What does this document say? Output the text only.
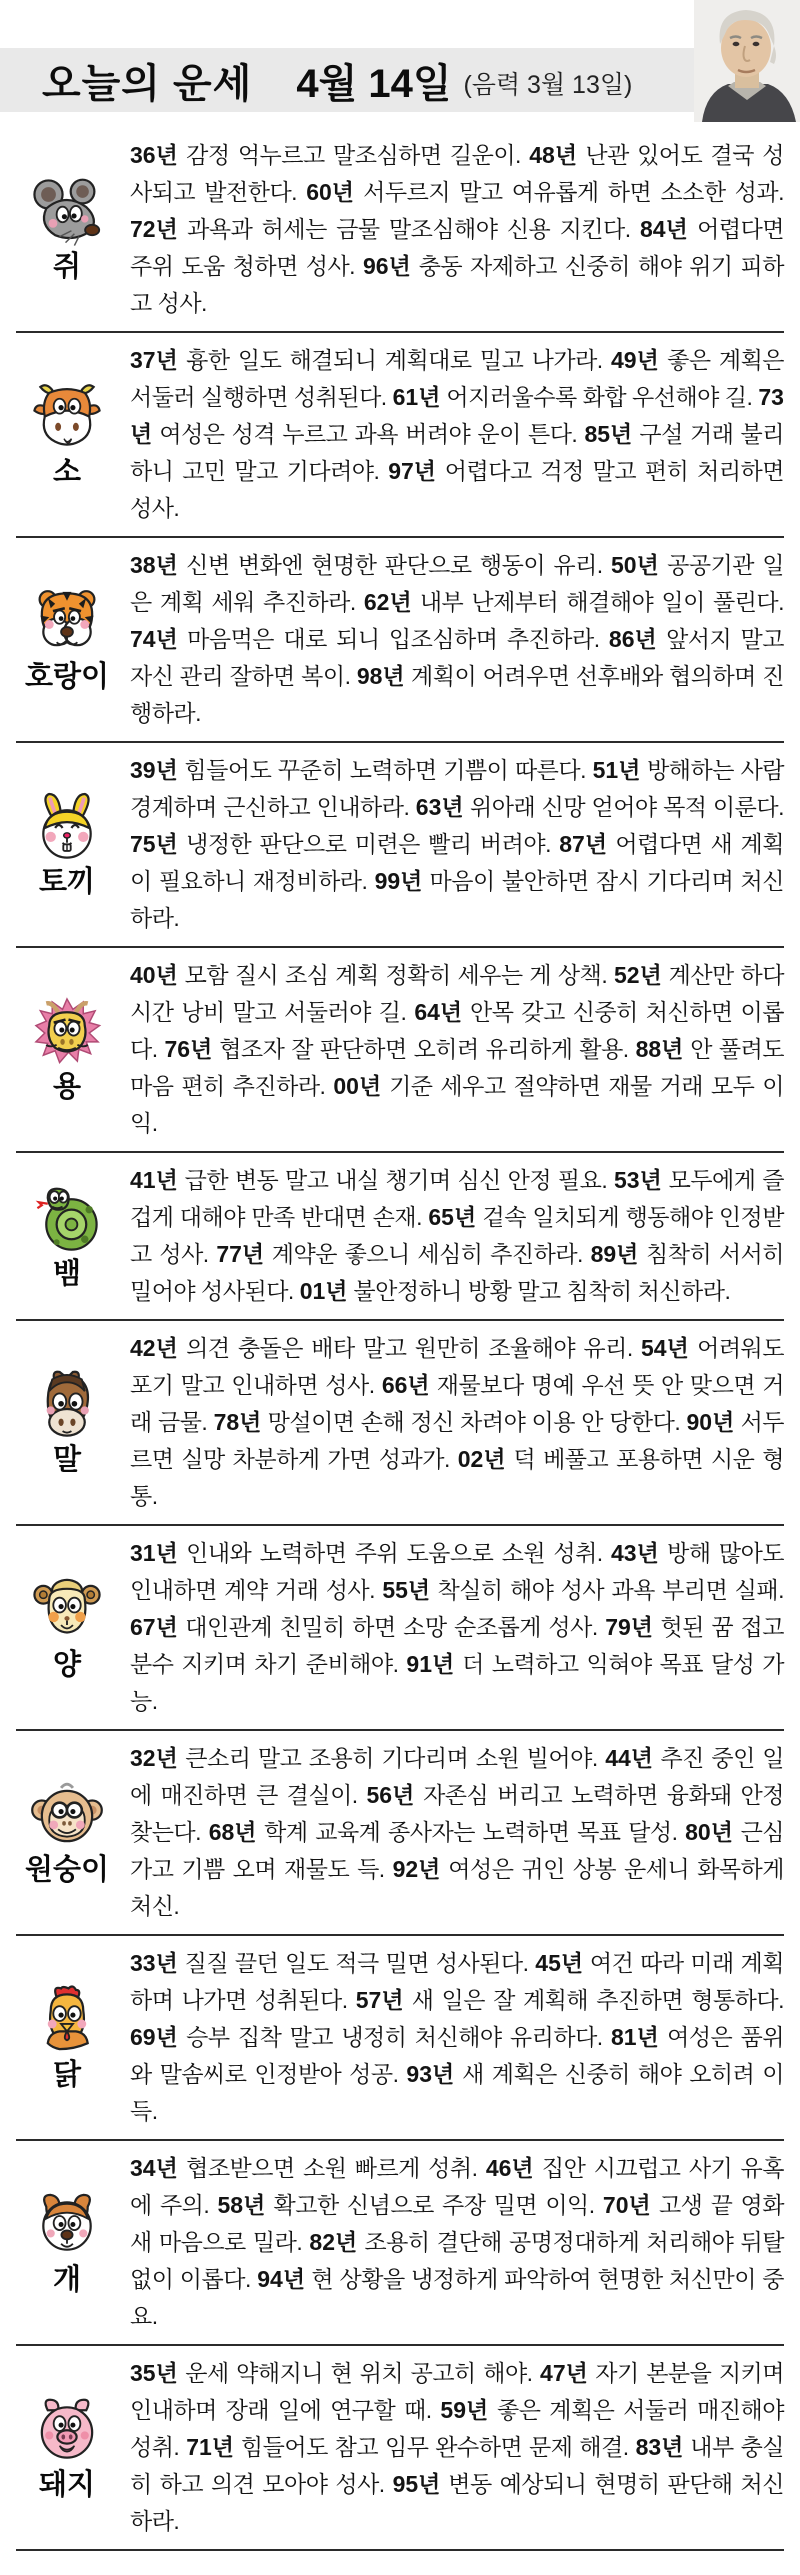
오늘의 운세 4월 14일 (음력 3월 13일)
쥐

36년 감정 억누르고 말조심하면 길운이. 48년 난관 있어도 결국 성사되고 발전한다. 60년 서두르지 말고 여유롭게 하면 소소한 성과. 72년 과욕과 허세는 금물 말조심해야 신용 지킨다. 84년 어렵다면 주위 도움 청하면 성사. 96년 충동 자제하고 신중히 해야 위기 피하고 성사.

소

37년 흉한 일도 해결되니 계획대로 밀고 나가라. 49년 좋은 계획은 서둘러 실행하면 성취된다. 61년 어지러울수록 화합 우선해야 길. 73년 여성은 성격 누르고 과욕 버려야 운이 튼다. 85년 구설 거래 불리하니 고민 말고 기다려야. 97년 어렵다고 걱정 말고 편히 처리하면 성사.

호랑이

38년 신변 변화엔 현명한 판단으로 행동이 유리. 50년 공공기관 일은 계획 세워 추진하라. 62년 내부 난제부터 해결해야 일이 풀린다. 74년 마음먹은 대로 되니 입조심하며 추진하라. 86년 앞서지 말고 자신 관리 잘하면 복이. 98년 계획이 어려우면 선후배와 협의하며 진행하라.

토끼

39년 힘들어도 꾸준히 노력하면 기쁨이 따른다. 51년 방해하는 사람 경계하며 근신하고 인내하라. 63년 위아래 신망 얻어야 목적 이룬다. 75년 냉정한 판단으로 미련은 빨리 버려야. 87년 어렵다면 새 계획이 필요하니 재정비하라. 99년 마음이 불안하면 잠시 기다리며 처신하라.

용

40년 모함 질시 조심 계획 정확히 세우는 게 상책. 52년 계산만 하다 시간 낭비 말고 서둘러야 길. 64년 안목 갖고 신중히 처신하면 이롭다. 76년 협조자 잘 판단하면 오히려 유리하게 활용. 88년 안 풀려도 마음 편히 추진하라. 00년 기준 세우고 절약하면 재물 거래 모두 이익.

뱀

41년 급한 변동 말고 내실 챙기며 심신 안정 필요. 53년 모두에게 즐겁게 대해야 만족 반대면 손재. 65년 겉속 일치되게 행동해야 인정받고 성사. 77년 계약운 좋으니 세심히 추진하라. 89년 침착히 서서히 밀어야 성사된다. 01년 불안정하니 방황 말고 침착히 처신하라.

말

42년 의견 충돌은 배타 말고 원만히 조율해야 유리. 54년 어려워도 포기 말고 인내하면 성사. 66년 재물보다 명예 우선 뜻 안 맞으면 거래 금물. 78년 망설이면 손해 정신 차려야 이용 안 당한다. 90년 서두르면 실망 차분하게 가면 성과가. 02년 덕 베풀고 포용하면 시운 형통.

양

31년 인내와 노력하면 주위 도움으로 소원 성취. 43년 방해 많아도 인내하면 계약 거래 성사. 55년 착실히 해야 성사 과욕 부리면 실패. 67년 대인관계 친밀히 하면 소망 순조롭게 성사. 79년 헛된 꿈 접고 분수 지키며 차기 준비해야. 91년 더 노력하고 익혀야 목표 달성 가능.

원숭이

32년 큰소리 말고 조용히 기다리며 소원 빌어야. 44년 추진 중인 일에 매진하면 큰 결실이. 56년 자존심 버리고 노력하면 융화돼 안정 찾는다. 68년 학계 교육계 종사자는 노력하면 목표 달성. 80년 근심 가고 기쁨 오며 재물도 득. 92년 여성은 귀인 상봉 운세니 화목하게 처신.

닭

33년 질질 끌던 일도 적극 밀면 성사된다. 45년 여건 따라 미래 계획하며 나가면 성취된다. 57년 새 일은 잘 계획해 추진하면 형통하다. 69년 승부 집착 말고 냉정히 처신해야 유리하다. 81년 여성은 품위와 말솜씨로 인정받아 성공. 93년 새 계획은 신중히 해야 오히려 이득.

개

34년 협조받으면 소원 빠르게 성취. 46년 집안 시끄럽고 사기 유혹에 주의. 58년 확고한 신념으로 주장 밀면 이익. 70년 고생 끝 영화 새 마음으로 밀라. 82년 조용히 결단해 공명정대하게 처리해야 뒤탈 없이 이롭다. 94년 현 상황을 냉정하게 파악하여 현명한 처신만이 중요.

돼지

35년 운세 약해지니 현 위치 공고히 해야. 47년 자기 본분을 지키며 인내하며 장래 일에 연구할 때. 59년 좋은 계획은 서둘러 매진해야 성취. 71년 힘들어도 참고 임무 완수하면 문제 해결. 83년 내부 충실히 하고 의견 모아야 성사. 95년 변동 예상되니 현명히 판단해 처신하라.
